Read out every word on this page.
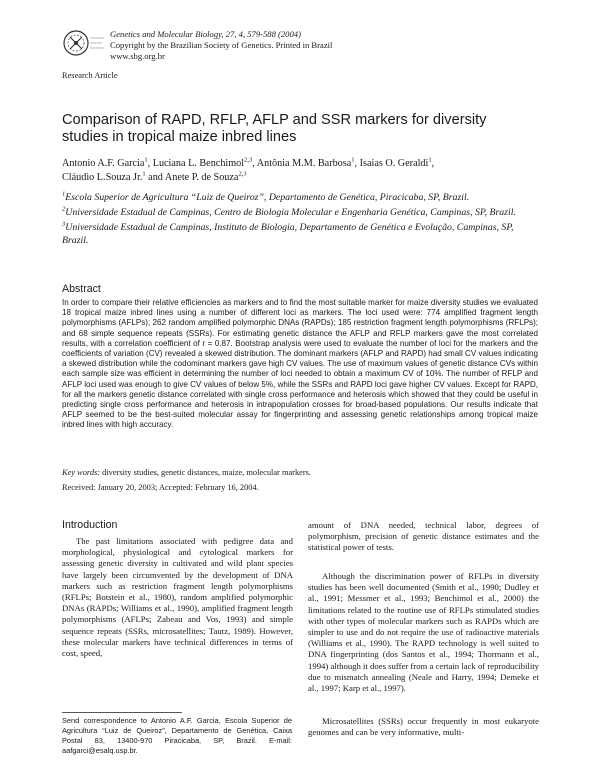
Genetics and Molecular Biology, 27, 4, 579-588 (2004)
Copyright by the Brazilian Society of Genetics. Printed in Brazil
www.sbg.org.br
Research Article
Comparison of RAPD, RFLP, AFLP and SSR markers for diversity studies in tropical maize inbred lines
Antonio A.F. Garcia$^1$, Luciana L. Benchimol$^{2,3}$, Antônia M.M. Barbosa$^1$, Isaias O. Geraldi$^1$,
Cláudio L.Souza Jr.$^1$ and Anete P. de Souza$^{2,3}$

$^1$Escola Superior de Agricultura “Luiz de Queiroz”, Departamento de Genética, Piracicaba, SP, Brazil.

$^2$Universidade Estadual de Campinas, Centro de Biologia Molecular e Engenharia Genética, Campinas, SP, Brazil.

$^3$Universidade Estadual de Campinas, Instituto de Biologia, Departamento de Genética e Evolução, Campinas, SP, Brazil.

Abstract

In order to compare their relative efficiencies as markers and to find the most suitable marker for maize diversity studies we evaluated 18 tropical maize inbred lines using a number of different loci as markers. The loci used were: 774 amplified fragment length polymorphisms (AFLPs); 262 random amplified polymorphic DNAs (RAPDs); 185 restriction fragment length polymorphisms (RFLPs); and 68 simple sequence repeats (SSRs). For estimating genetic distance the AFLP and RFLP markers gave the most correlated results, with a correlation coefficient of r = 0.87. Bootstrap analysis were used to evaluate the number of loci for the markers and the coefficients of variation (CV) revealed a skewed distribution. The dominant markers (AFLP and RAPD) had small CV values indicating a skewed distribution while the codominant markers gave high CV values. The use of maximum values of genetic distance CVs within each sample size was efficient in determining the number of loci needed to obtain a maximum CV of 10%. The number of RFLP and AFLP loci used was enough to give CV values of below 5%, while the SSRs and RAPD loci gave higher CV values. Except for RAPD, for all the markers genetic distance correlated with single cross performance and heterosis which showed that they could be useful in predicting single cross performance and heterosis in intrapopulation crosses for broad-based populations. Our results indicate that AFLP seemed to be the best-suited molecular assay for fingerprinting and assessing genetic relationships among tropical maize inbred lines with high accuracy.

Key words: diversity studies, genetic distances, maize, molecular markers.
Received: January 20, 2003; Accepted: February 16, 2004.
Introduction

The past limitations associated with pedigree data and morphological, physiological and cytological markers for assessing genetic diversity in cultivated and wild plant species have largely been circumvented by the development of DNA markers such as restriction fragment length polymorphisms (RFLPs; Botstein et al., 1980), random amplified polymorphic DNAs (RAPDs; Williams et al., 1990), amplified fragment length polymorphisms (AFLPs; Zabeau and Vos, 1993) and simple sequence repeats (SSRs, microsatellites; Tautz, 1989). However, these molecular markers have technical differences in terms of cost, speed,

amount of DNA needed, technical labor, degrees of polymorphism, precision of genetic distance estimates and the statistical power of tests.

Although the discrimination power of RFLPs in diversity studies has been well documented (Smith et al., 1990; Dudley et al., 1991; Messmer et al., 1993; Benchimol et al., 2000) the limitations related to the routine use of RFLPs stimulated studies with other types of molecular markers such as RAPDs which are simpler to use and do not require the use of radioactive materials (Williams et al., 1990). The RAPD technology is well suited to DNA fingerprinting (dos Santos et al., 1994; Thormann et al., 1994) although it does suffer from a certain lack of reproducibility due to mismatch annealing (Neale and Harry, 1994; Demeke et al., 1997; Karp et al., 1997).

Microsatellites (SSRs) occur frequently in most eukaryote genomes and can be very informative, multi-

Send correspondence to Antonio A.F. Garcia, Escola Superior de Agricultura “Luiz de Queiroz”, Departamento de Genética, Caixa Postal 83, 13400-970 Piracicaba, SP, Brazil. E-mail: aafgarci@esalq.usp.br.
